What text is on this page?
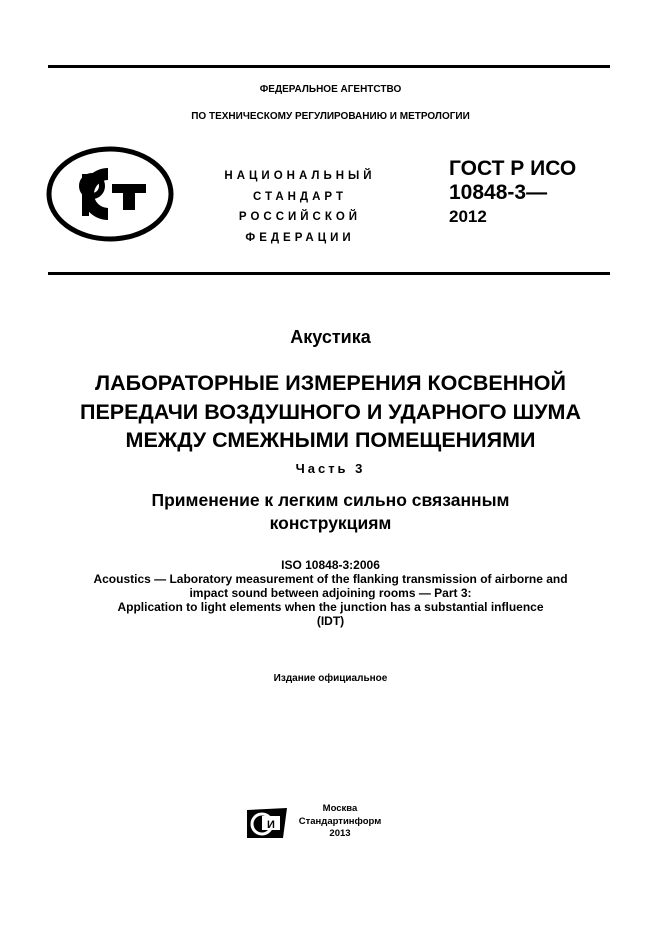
ФЕДЕРАЛЬНОЕ АГЕНТСТВО
ПО ТЕХНИЧЕСКОМУ РЕГУЛИРОВАНИЮ И МЕТРОЛОГИИ
НАЦИОНАЛЬНЫЙ
СТАНДАРТ
РОССИЙСКОЙ
ФЕДЕРАЦИИ
ГОСТ Р ИСО
10848-3—
2012
Акустика
ЛАБОРАТОРНЫЕ ИЗМЕРЕНИЯ КОСВЕННОЙ
ПЕРЕДАЧИ ВОЗДУШНОГО И УДАРНОГО ШУМА
МЕЖДУ СМЕЖНЫМИ ПОМЕЩЕНИЯМИ
Часть 3
Применение к легким сильно связанным
конструкциям
ISO 10848-3:2006
Acoustics — Laboratory measurement of the flanking transmission of airborne and
impact sound between adjoining rooms — Part 3:
Application to light elements when the junction has a substantial influence
(IDT)
Издание официальное
И
Москва
Стандартинформ
2013
